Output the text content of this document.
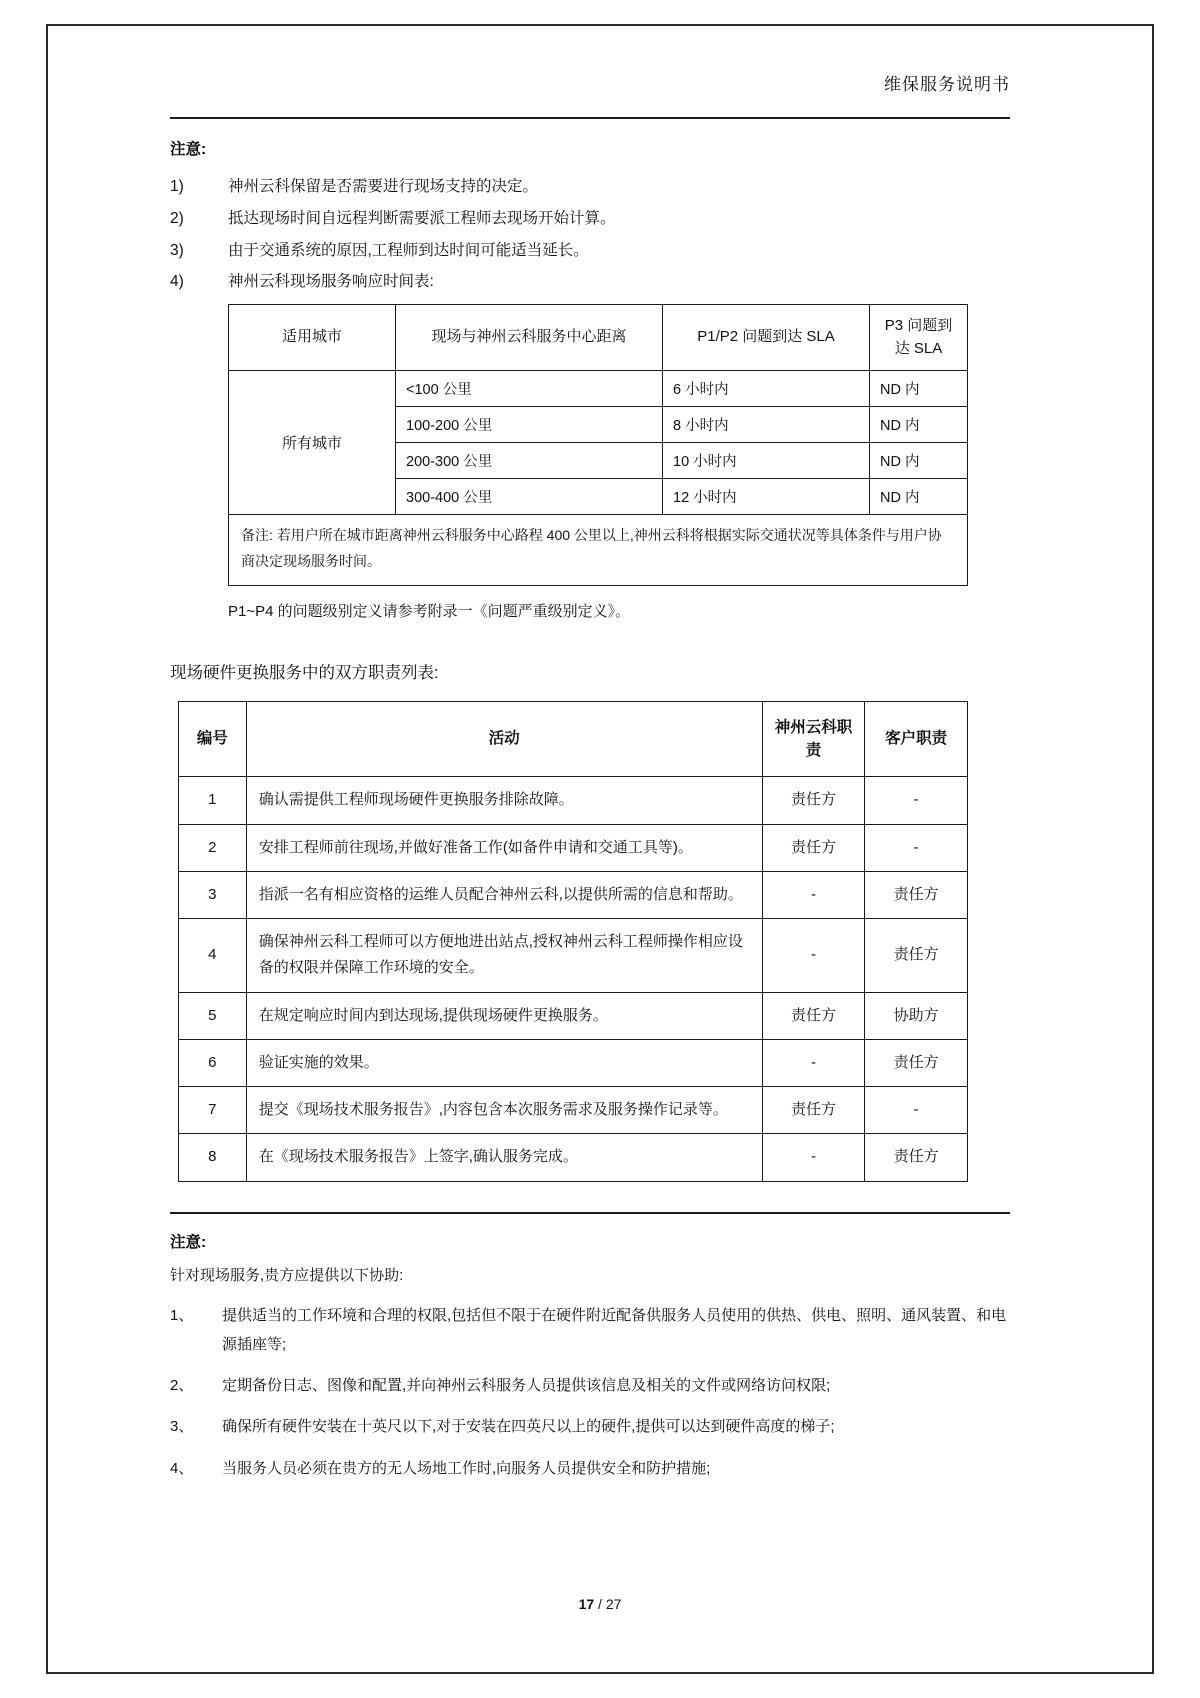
维保服务说明书
注意:
1)	神州云科保留是否需要进行现场支持的决定。
2)	抵达现场时间自远程判断需要派工程师去现场开始计算。
3)	由于交通系统的原因,工程师到达时间可能适当延长。
4)	神州云科现场服务响应时间表:
适用城市	现场与神州云科服务中心距离	P1/P2 问题到达 SLA	P3 问题到达 SLA
所有城市	<100 公里	6 小时内	ND 内
	100-200 公里	8 小时内	ND 内
	200-300 公里	10 小时内	ND 内
	300-400 公里	12 小时内	ND 内
备注: 若用户所在城市距离神州云科服务中心路程 400 公里以上,神州云科将根据实际交通状况等具体条件与用户协商决定现场服务时间。
P1~P4 的问题级别定义请参考附录一《问题严重级别定义》。
现场硬件更换服务中的双方职责列表:
编号	活动	神州云科职责	客户职责
1	确认需提供工程师现场硬件更换服务排除故障。	责任方	-
2	安排工程师前往现场,并做好准备工作(如备件申请和交通工具等)。	责任方	-
3	指派一名有相应资格的运维人员配合神州云科,以提供所需的信息和帮助。	-	责任方
4	确保神州云科工程师可以方便地进出站点,授权神州云科工程师操作相应设备的权限并保障工作环境的安全。	-	责任方
5	在规定响应时间内到达现场,提供现场硬件更换服务。	责任方	协助方
6	验证实施的效果。	-	责任方
7	提交《现场技术服务报告》,内容包含本次服务需求及服务操作记录等。	责任方	-
8	在《现场技术服务报告》上签字,确认服务完成。	-	责任方
注意:
针对现场服务,贵方应提供以下协助:
1、	提供适当的工作环境和合理的权限,包括但不限于在硬件附近配备供服务人员使用的供热、供电、照明、通风装置、和电源插座等;
2、	定期备份日志、图像和配置,并向神州云科服务人员提供该信息及相关的文件或网络访问权限;
3、	确保所有硬件安装在十英尺以下,对于安装在四英尺以上的硬件,提供可以达到硬件高度的梯子;
4、	当服务人员必须在贵方的无人场地工作时,向服务人员提供安全和防护措施;
17 / 27
